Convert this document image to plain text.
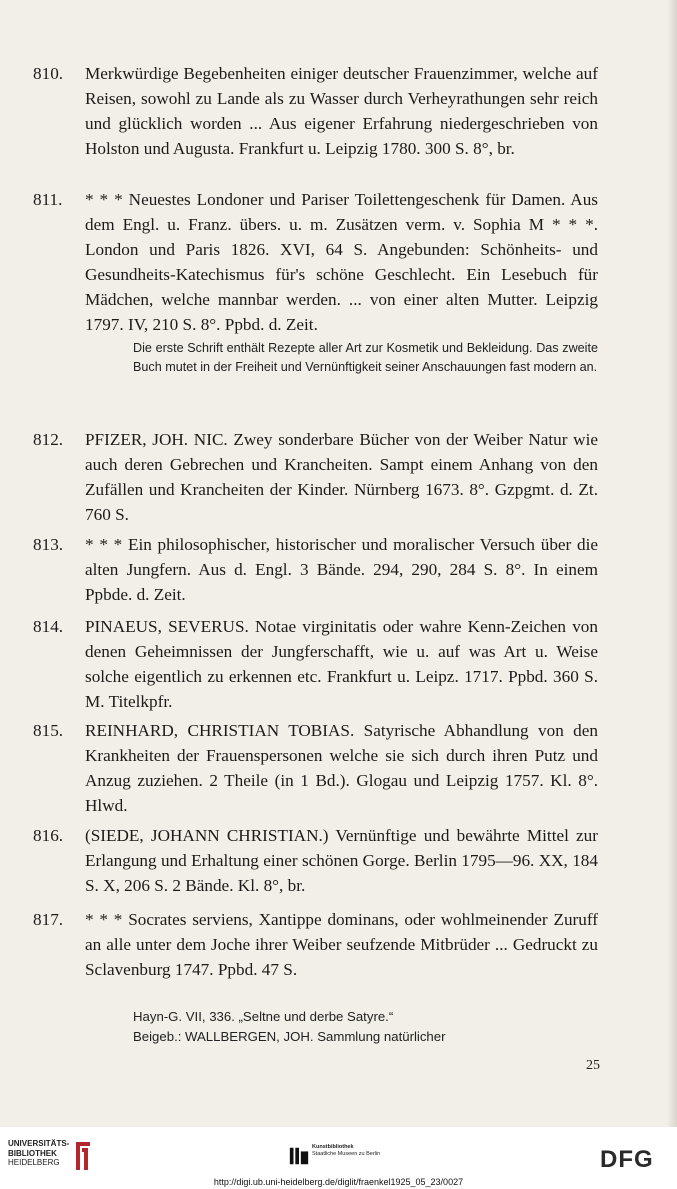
810.	Merkwürdige Begebenheiten einiger deutscher Frauenzimmer, welche auf Reisen, sowohl zu Lande als zu Wasser durch Verheyrathungen sehr reich und glücklich worden ... Aus eigener Erfahrung niedergeschrieben von Holston und Augusta. Frankfurt u. Leipzig 1780. 300 S. 8°, br.
811.	* * * Neuestes Londoner und Pariser Toilettengeschenk für Damen. Aus dem Engl. u. Franz. übers. u. m. Zusätzen verm. v. Sophia M * * *. London und Paris 1826. XVI, 64 S. Angebunden: Schönheits- und Gesundheits-Katechismus für's schöne Geschlecht. Ein Lesebuch für Mädchen, welche mannbar werden. ... von einer alten Mutter. Leipzig 1797. IV, 210 S. 8°. Ppbd. d. Zeit.
Die erste Schrift enthält Rezepte aller Art zur Kosmetik und Bekleidung. Das zweite Buch mutet in der Freiheit und Vernünftigkeit seiner Anschauungen fast modern an.
812.	PFIZER, JOH. NIC. Zwey sonderbare Bücher von der Weiber Natur wie auch deren Gebrechen und Krancheiten. Sampt einem Anhang von den Zufällen und Krancheiten der Kinder. Nürnberg 1673. 8°. Gzpgmt. d. Zt. 760 S.
813.	* * * Ein philosophischer, historischer und moralischer Versuch über die alten Jungfern. Aus d. Engl. 3 Bände. 294, 290, 284 S. 8°. In einem Ppbde. d. Zeit.
814.	PINAEUS, SEVERUS. Notae virginitatis oder wahre Kenn-Zeichen von denen Geheimnissen der Jungferschafft, wie u. auf was Art u. Weise solche eigentlich zu erkennen etc. Frankfurt u. Leipz. 1717. Ppbd. 360 S. M. Titelkpfr.
815.	REINHARD, CHRISTIAN TOBIAS. Satyrische Abhandlung von den Krankheiten der Frauenspersonen welche sie sich durch ihren Putz und Anzug zuziehen. 2 Theile (in 1 Bd.). Glogau und Leipzig 1757. Kl. 8°. Hlwd.
816.	(SIEDE, JOHANN CHRISTIAN.) Vernünftige und bewährte Mittel zur Erlangung und Erhaltung einer schönen Gorge. Berlin 1795—96. XX, 184 S. X, 206 S. 2 Bände. Kl. 8°, br.
817.	* * * Socrates serviens, Xantippe dominans, oder wohlmeinender Zuruff an alle unter dem Joche ihrer Weiber seufzende Mitbrüder ... Gedruckt zu Sclavenburg 1747. Ppbd. 47 S.
Hayn-G. VII, 336. „Seltne und derbe Satyre.“
Beigeb.: WALLBERGEN, JOH. Sammlung natürlicher
25
UNIVERSITÄTS-
BIBLIOTHEK
HEIDELBERG
Kunstbibliothek
Staatliche Museen zu Berlin	DFG
http://digi.ub.uni-heidelberg.de/diglit/fraenkel1925_05_23/0027
